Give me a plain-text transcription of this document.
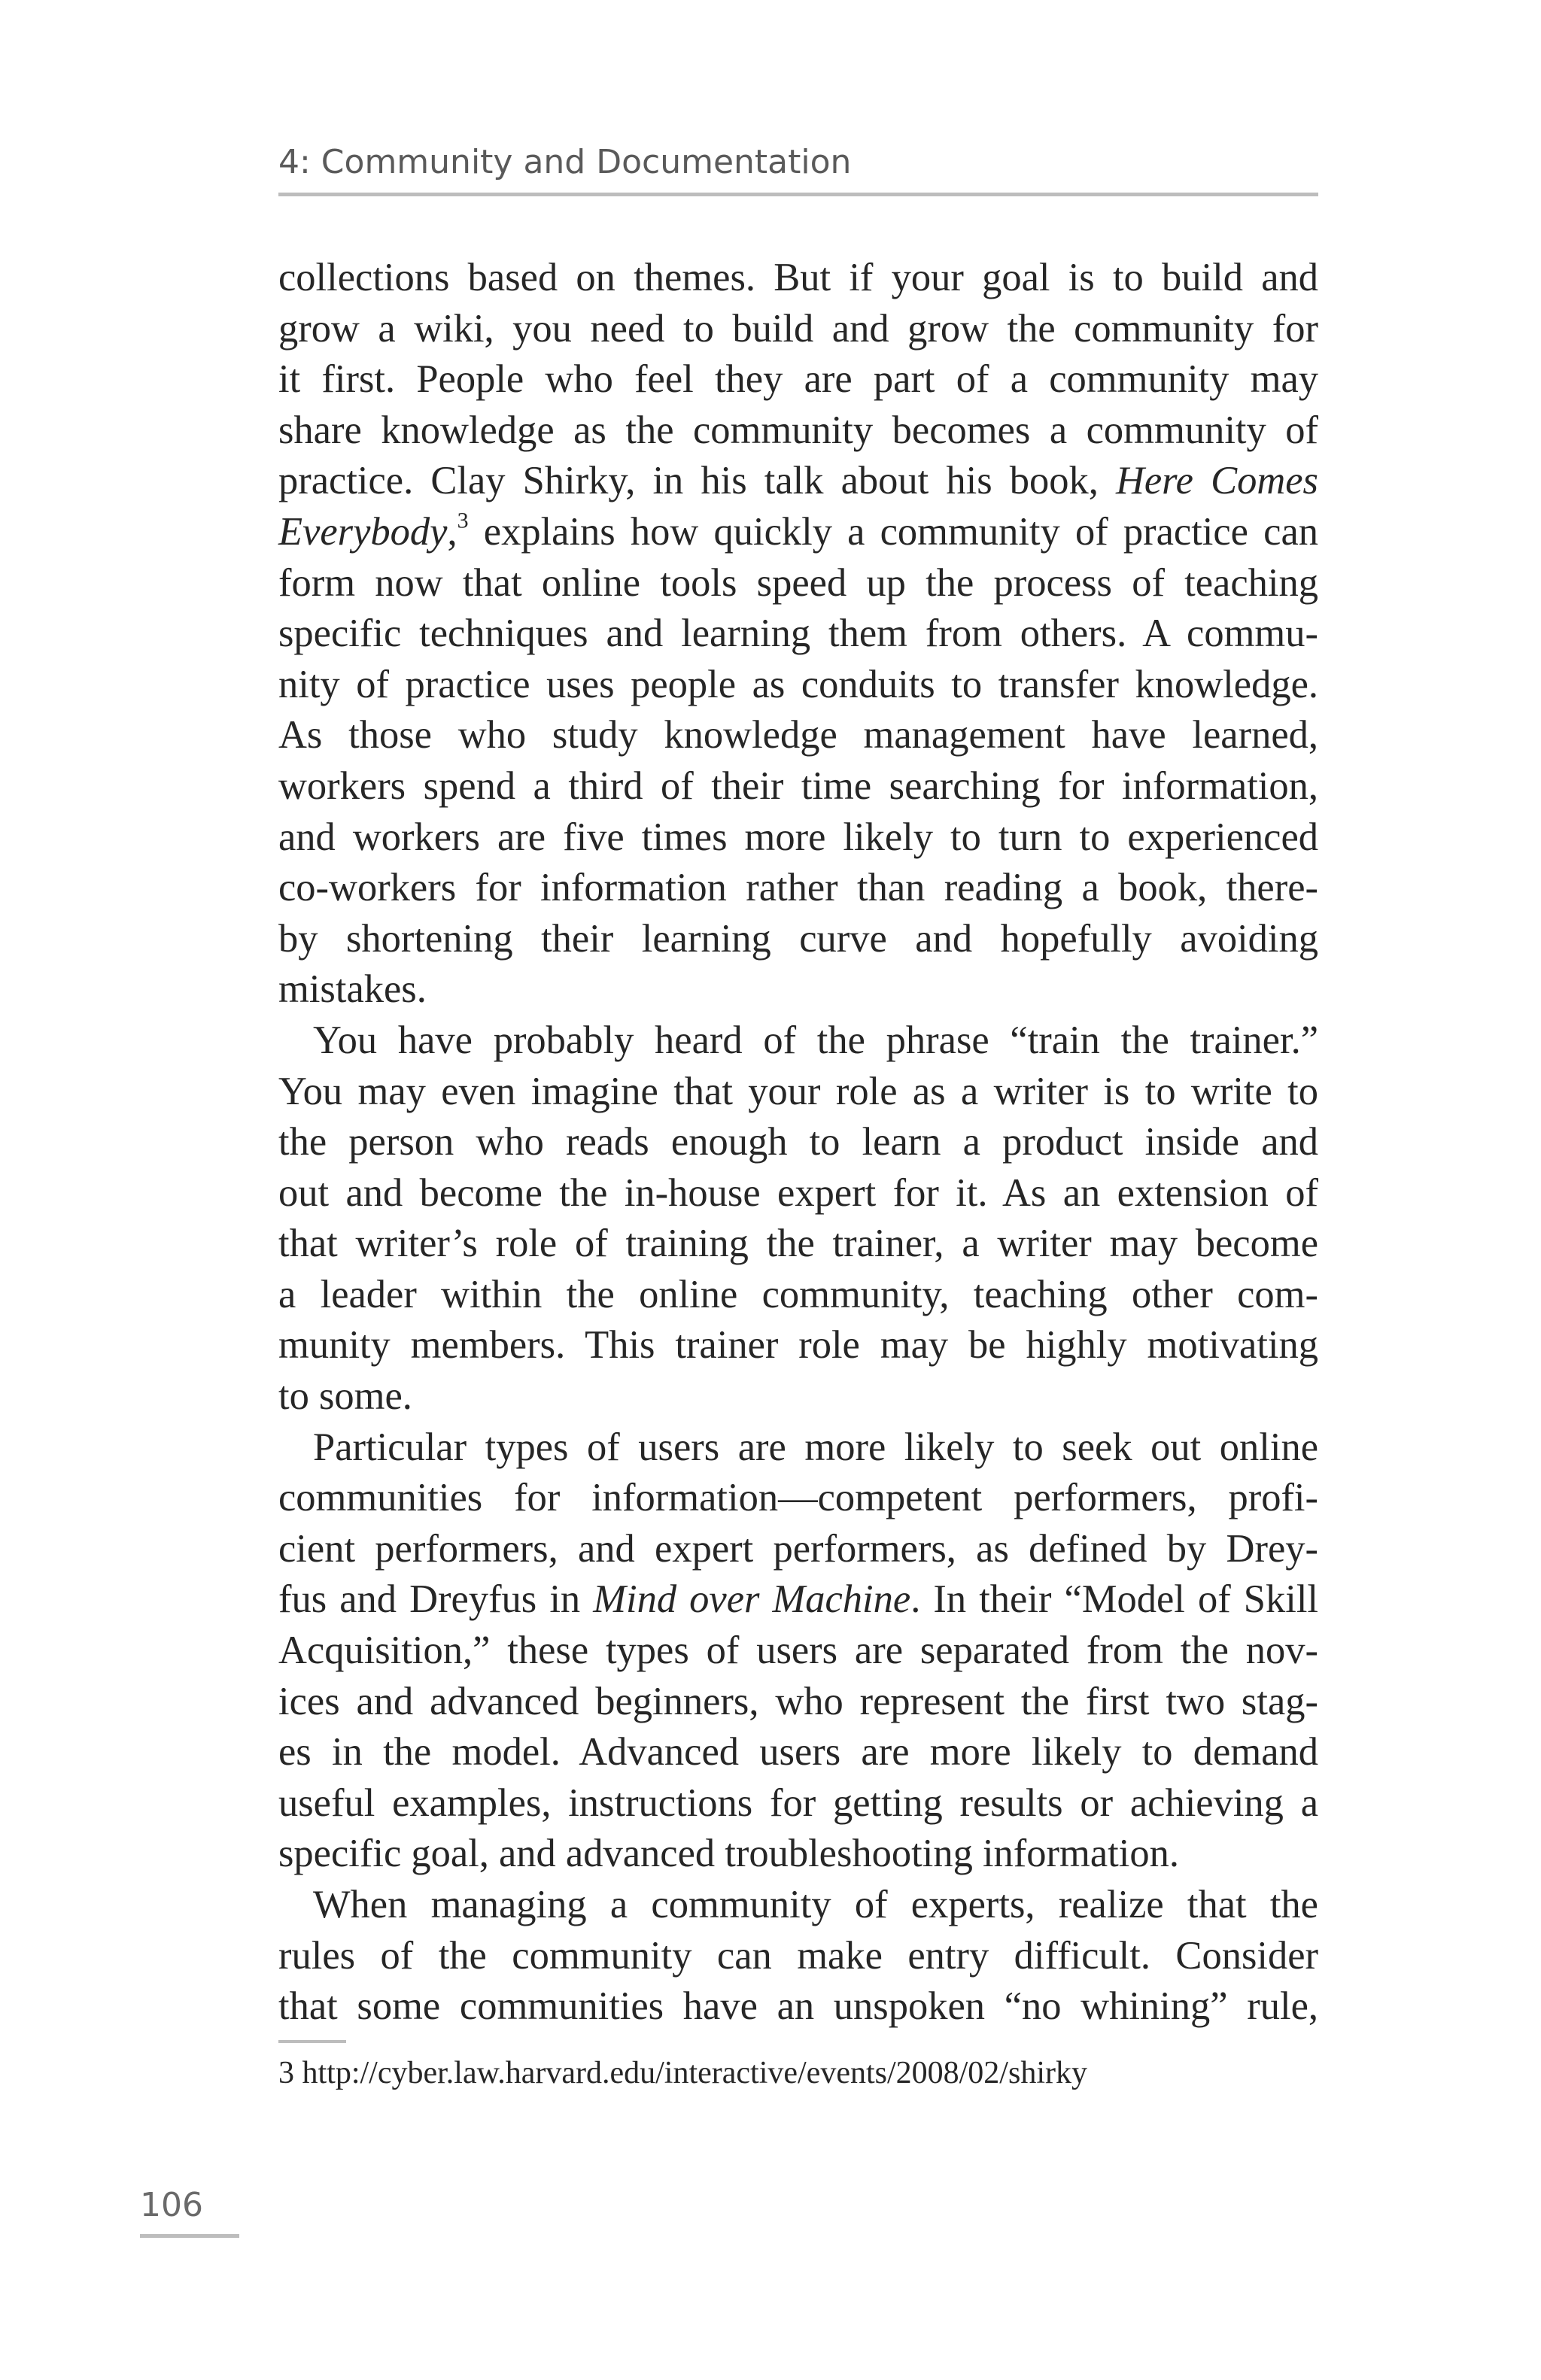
4: Community and Documentation
collections based on themes. But if your goal is to build and
grow a wiki, you need to build and grow the community for
it first. People who feel they are part of a community may
share knowledge as the community becomes a community of
practice. Clay Shirky, in his talk about his book, Here Comes
Everybody,$^3$ explains how quickly a community of practice can
form now that online tools speed up the process of teaching
specific techniques and learning them from others. A commu-
nity of practice uses people as conduits to transfer knowledge.
As those who study knowledge management have learned,
workers spend a third of their time searching for information,
and workers are five times more likely to turn to experienced
co-workers for information rather than reading a book, there-
by shortening their learning curve and hopefully avoiding
mistakes.
You have probably heard of the phrase “train the trainer.”
You may even imagine that your role as a writer is to write to
the person who reads enough to learn a product inside and
out and become the in-house expert for it. As an extension of
that writer’s role of training the trainer, a writer may become
a leader within the online community, teaching other com-
munity members. This trainer role may be highly motivating
to some.
Particular types of users are more likely to seek out online
communities for information—competent performers, profi-
cient performers, and expert performers, as defined by Drey-
fus and Dreyfus in Mind over Machine. In their “Model of Skill
Acquisition,” these types of users are separated from the nov-
ices and advanced beginners, who represent the first two stag-
es in the model. Advanced users are more likely to demand
useful examples, instructions for getting results or achieving a
specific goal, and advanced troubleshooting information.
When managing a community of experts, realize that the
rules of the community can make entry difficult. Consider
that some communities have an unspoken “no whining” rule,
3 http://cyber.law.harvard.edu/interactive/events/2008/02/shirky
106
